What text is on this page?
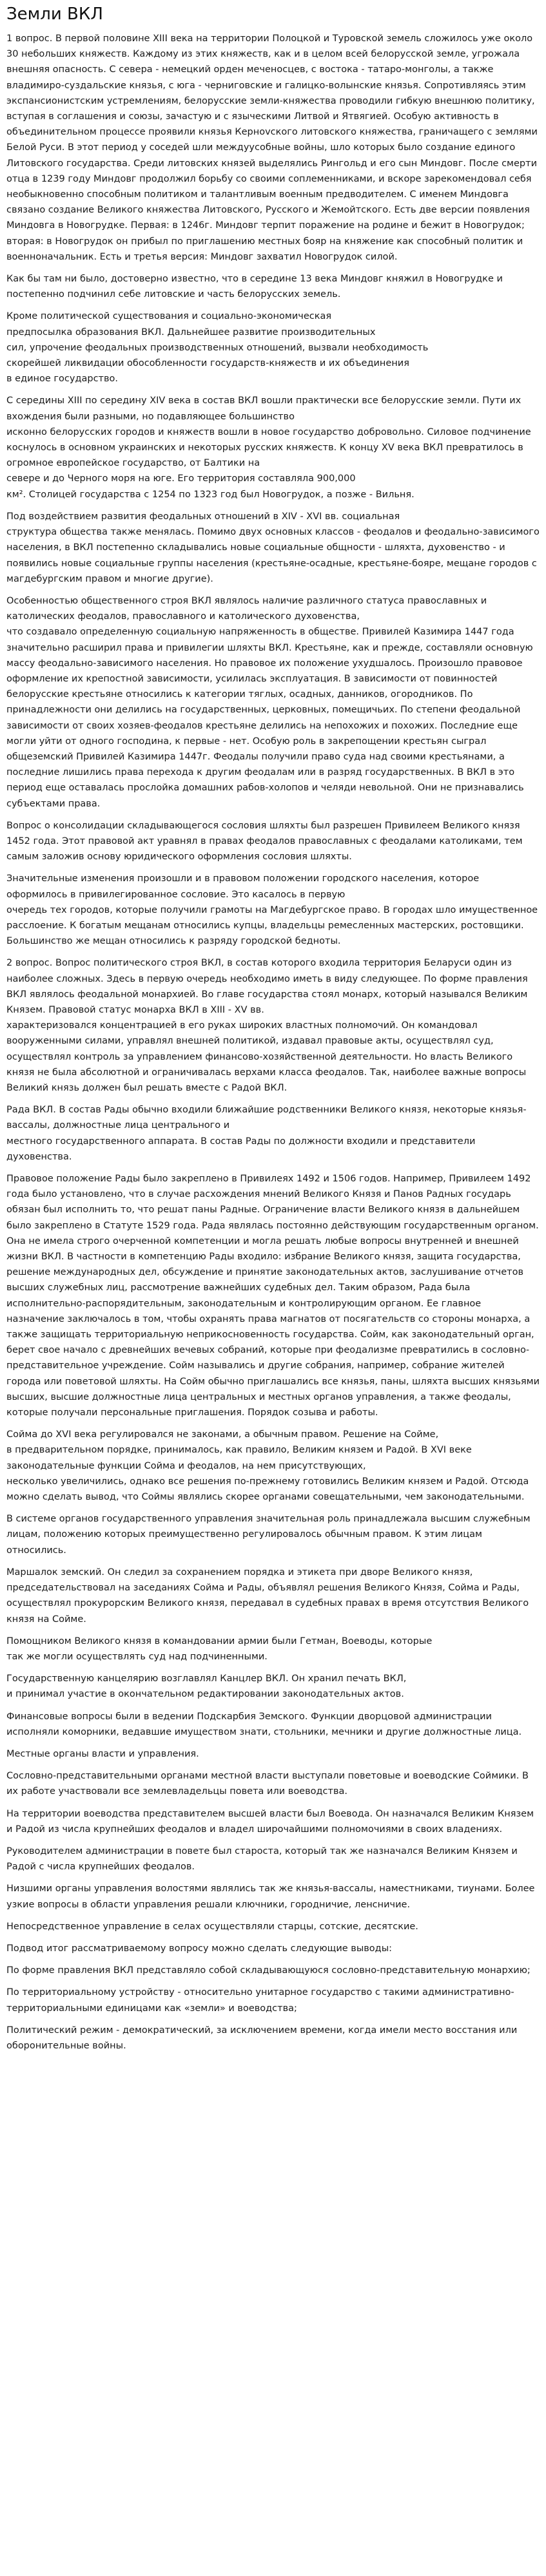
Земли ВКЛ

1 вопрос. В первой половине XIII века на территории Полоцкой и Туровской земель сложилось уже около 30 небольших княжеств. Каждому из этих княжеств, как и в целом всей белорусской земле, угрожала внешняя опасность. С севера - немецкий орден меченосцев, с востока - татаро-монголы, а также владимиро-суздальские князья, с юга - черниговские и галицко-волынские князья. Сопротивляясь этим экспансионистским устремлениям, белорусские земли-княжества проводили гибкую внешнюю политику, вступая в соглашения и союзы, зачастую и с языческими Литвой и Ятвягией. Особую активность в объединительном процессе проявили князья Кернovского литовского княжества, граничащего с землями Белой Руси. В этот период у соседей шли междуусобные войны, шло которых было создание единого Литовского государства. Среди литовских князей выделялись Рингольд и его сын Миндовг. После смерти отца в 1239 году Миндовг продолжил борьбу со своими соплеменниками, и вскоре зарекомендовал себя необыкновенно способным политиком и талантливым военным предводителем. С именем Миндовга связано создание Великого княжества Литовского, Русского и Жемойтского. Есть две версии появления Миндовга в Новогрудке. Первая: в 1246г. Миндовг терпит поражение на родине и бежит в Новогрудок; вторая: в Новогрудок он прибыл по приглашению местных бояр на княжение как способный политик и военноначальник. Есть и третья версия: Миндовг захватил Новогрудок силой.

Как бы там ни было, достоверно известно, что в середине 13 века Миндовг княжил в Новогрудке и постепенно подчинил себе литовские и часть белорусских земель.

Кроме политической существования и социально-экономическая
предпосылка образования ВКЛ. Дальнейшее развитие производительных
сил, упрочение феодальных производственных отношений, вызвали необходимость
скорейшей ликвидации обособленности государств-княжеств и их объединения
в единое государство.

С середины XIII по середину XIV века в состав ВКЛ вошли практически все белорусские земли. Пути их вхождения были разными, но подавляющее большинство
исконно белорусских городов и княжеств вошли в новое государство добровольно. Силовое подчинение коснулось в основном украинских и некоторых русских княжеств. К концу XV века ВКЛ превратилось в огромное европейское государство, от Балтики на
севере и до Черного моря на юге. Его территория составляла 900,000
км². Столицей государства с 1254 по 1323 год был Новогрудок, а позже - Вильня.

Под воздействием развития феодальных отношений в XIV - XVI вв. социальная
структура общества также менялась. Помимо двух основных классов - феодалов и феодально-зависимого населения, в ВКЛ постепенно складывались новые социальные общности - шляхта, духовенство - и появились новые социальные группы населения (крестьяне-осадные, крестьяне-бояре, мещане городов с магдебургским правом и многие другие).

Особенностью общественного строя ВКЛ являлось наличие различного статуса православных и католических феодалов, православного и католического духовенства,
что создавало определенную социальную напряженность в обществе. Привилей Казимира 1447 года значительно расширил права и привилегии шляхты ВКЛ. Крестьяне, как и прежде, составляли основную массу феодально-зависимого населения. Но правовое их положение ухудшалось. Произошло правовое оформление их крепостной зависимости, усилилась эксплуатация. В зависимости от повинностей белорусские крестьяне относились к категории тяглых, осадных, данников, огородников. По принадлежности они делились на государственных, церковных, помещичьих. По степени феодальной зависимости от своих хозяев-феодалов крестьяне делились на непохожих и похожих. Последние еще могли уйти от одного господина, к первые - нет. Особую роль в закрепощении крестьян сыграл общеземский Привилей Казимира 1447г. Феодалы получили право суда над своими крестьянами, а последние лишились права перехода к другим феодалам или в разряд государственных. В ВКЛ в это период еще оставалась прослойка домашних рабов-холопов и челяди невольной. Они не признавались субъектами права.

Вопрос о консолидации складывающегося сословия шляхты был разрешен Привилеем Великого князя 1452 года. Этот правовой акт уравнял в правах феодалов православных с феодалами католиками, тем самым заложив основу юридического оформления сословия шляхты.

Значительные изменения произошли и в правовом положении городского населения, которое оформилось в привилегированное сословие. Это касалось в первую
очередь тех городов, которые получили грамоты на Магдебургское право. В городах шло имущественное расслоение. К богатым мещанам относились купцы, владельцы ремесленных мастерских, ростовщики. Большинство же мещан относились к разряду городской бедноты.

2 вопрос. Вопрос политического строя ВКЛ, в состав которого входила территория Беларуси один из наиболее сложных. Здесь в первую очередь необходимо иметь в виду следующее. По форме правления ВКЛ являлось феодальной монархией. Во главе государства стоял монарх, который назывался Великим Князем. Правовой статус монарха ВКЛ в XIII - XV вв.
характеризовался концентрацией в его руках широких властных полномочий. Он командовал вооруженными силами, управлял внешней политикой, издавал правовые акты, осуществлял суд, осуществлял контроль за управлением финансово-хозяйственной деятельности. Но власть Великого князя не была абсолютной и ограничивалась верхами класса феодалов. Так, наиболее важные вопросы Великий князь должен был решать вместе с Радой ВКЛ.

Рада ВКЛ. В состав Рады обычно входили ближайшие родственники Великого князя, некоторые князья-вассалы, должностные лица центрального и
местного государственного аппарата. В состав Рады по должности входили и представители духовенства.

Правовое положение Рады было закреплено в Привилеях 1492 и 1506 годов. Например, Привилеем 1492 года было установлено, что в случае расхождения мнений Великого Князя и Панов Радных государь обязан был исполнить то, что решат паны Радные. Ограничение власти Великого князя в дальнейшем было закреплено в Статуте 1529 года. Рада являлась постоянно действующим государственным органом. Она не имела строго очерченной компетенции и могла решать любые вопросы внутренней и внешней жизни ВКЛ. В частности в компетенцию Рады входило: избрание Великого князя, защита государства, решение международных дел, обсуждение и принятие законодательных актов, заслушивание отчетов высших служебных лиц, рассмотрение важнейших судебных дел. Таким образом, Рада была исполнительно-распорядительным, законодательным и контролирующим органом. Ее главное назначение заключалось в том, чтобы охранять права магнатов от посягательств со стороны монарха, а также защищать территориальную неприкосновенность государства. Сойм, как законодательный орган, берет свое начало с древнейших вечевых собраний, которые при феодализме превратились в сословно-представительное учреждение. Сойм назывались и другие собрания, например, собрание жителей города или поветовой шляхты. На Сойм обычно приглашались все князья, паны, шляхта высших князьями высших, высшие должностные лица центральных и местных органов управления, а также феодалы, которые получали персональные приглашения. Порядок созыва и работы.

Сойма до XVI века регулировался не законами, а обычным правом. Решение на Сойме,
в предварительном порядке, принималось, как правило, Великим князем и Радой. В XVI веке законодательные функции Сойма и феодалов, на нем присутствующих,
несколько увеличились, однако все решения по-прежнему готовились Великим князем и Радой. Отсюда можно сделать вывод, что Соймы являлись скорее органами совещательными, чем законодательными.

В системе органов государственного управления значительная роль принадлежала высшим служебным лицам, положению которых преимущественно регулировалось обычным правом. К этим лицам относились.

Маршалок земский. Он следил за сохранением порядка и этикета при дворе Великого князя, председательствовал на заседаниях Сойма и Рады, объявлял решения Великого Князя, Сойма и Рады, осуществлял прокурорским Великого князя, передавал в судебных правах в время отсутствия Великого князя на Сойме.

Помощником Великого князя в командовании армии были Гетман, Воеводы, которые
так же могли осуществлять суд над подчиненными.

Государственную канцелярию возглавлял Канцлер ВКЛ. Он хранил печать ВКЛ,
и принимал участие в окончательном редактировании законодательных актов.

Финансовые вопросы были в ведении Подскарбия Земского. Функции дворцовой администрации исполняли коморники, ведавшие имуществом знати, стольники, мечники и другие должностные лица.

Местные органы власти и управления.

Сословно-представительными органами местной власти выступали поветовые и воеводские Соймики. В их работе участвовали все землевладельцы повета или воеводства.

На территории воеводства представителем высшей власти был Воевода. Он назначался Великим Князем и Радой из числа крупнейших феодалов и владел широчайшими полномочиями в своих владениях.

Руководителем администрации в повете был староста, который так же назначался Великим Князем и Радой с числа крупнейших феодалов.

Низшими органы управления волостями являлись так же князья-вассалы, наместниками, тиунами. Более узкие вопросы в области управления решали ключники, городничие, ленсничие.

Непосредственное управление в селах осуществляли старцы, сотские, десятские.

Подвод итог рассматриваемому вопросу можно сделать следующие выводы:

По форме правления ВКЛ представляло собой складывающуюся сословно-представительную монархию;

По территориальному устройству - относительно унитарное государство с такими административно-территориальными единицами как «земли» и воеводства;

Политический режим - демократический, за исключением времени, когда имели место восстания или оборонительные войны.
